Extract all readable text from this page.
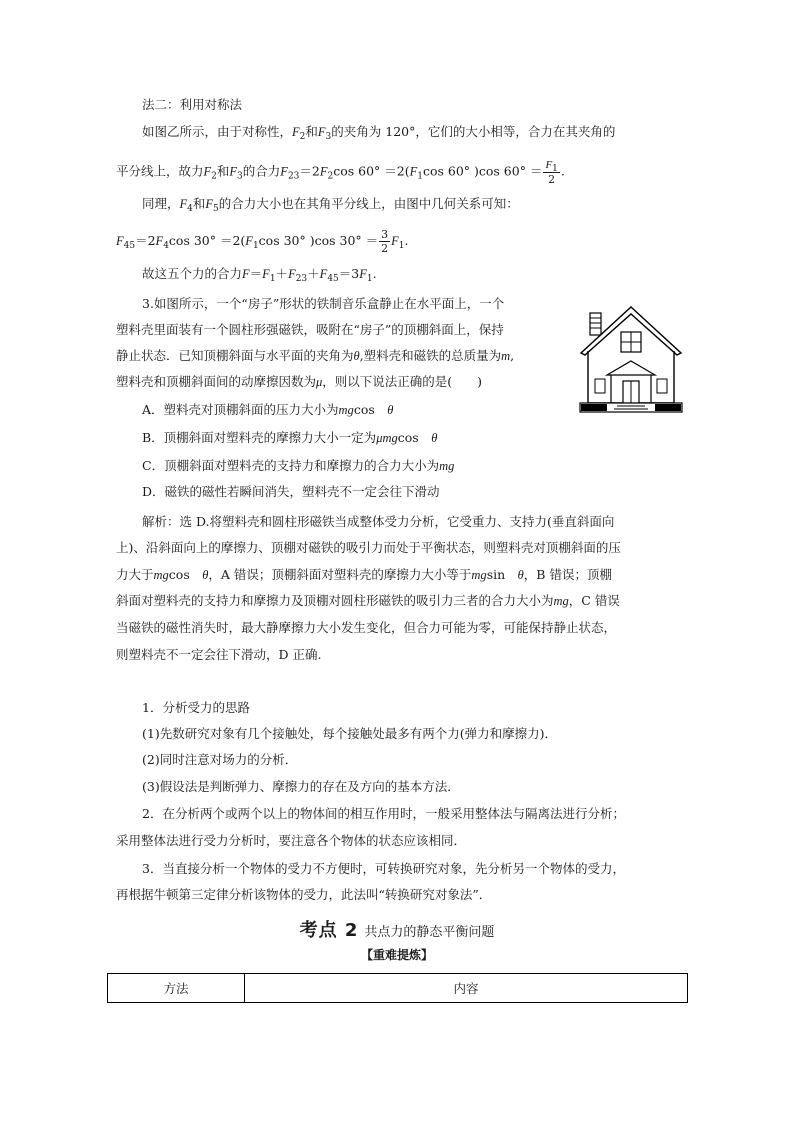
法二：利用对称法
如图乙所示，由于对称性，$F_2$和$F_3$的夹角为 120°，它们的大小相等，合力在其夹角的
平分线上，故力$F_2$和$F_3$的合力$F_{23}=2F_2\cos$ $60^\circ =2(F_1\cos$ 60° )cos $60^\circ = \frac{F_1}{2}$ .
同理，$F_4$和$F_5$的合力大小也在其角平分线上，由图中几何关系可知：
$F_{45}=2F_4\cos$ $30^\circ =2(F_1\cos$ 30° )cos $30^\circ = \frac{3}{2} F_1$.
故这五个力的合力$F=F_1+F_{23}+F_{45}=3F_1$.
3.如图所示，一个“房子”形状的铁制音乐盒静止在水平面上，一个
塑料壳里面装有一个圆柱形强磁铁，吸附在“房子”的顶棚斜面上，保持
静止状态．已知顶棚斜面与水平面的夹角为θ,塑料壳和磁铁的总质量为m,
塑料壳和顶棚斜面间的动摩擦因数为μ，则以下说法正确的是(　　)
A．塑料壳对顶棚斜面的压力大小为mgcos　θ
B．顶棚斜面对塑料壳的摩擦力大小一定为μmgcos　θ
C．顶棚斜面对塑料壳的支持力和摩擦力的合力大小为mg
D．磁铁的磁性若瞬间消失，塑料壳不一定会往下滑动
解析：选 D.将塑料壳和圆柱形磁铁当成整体受力分析，它受重力、支持力(垂直斜面向
上)、沿斜面向上的摩擦力、顶棚对磁铁的吸引力而处于平衡状态，则塑料壳对顶棚斜面的压
力大于mgcos　θ，A 错误；顶棚斜面对塑料壳的摩擦力大小等于mgsin　θ，B 错误；顶棚
斜面对塑料壳的支持力和摩擦力及顶棚对圆柱形磁铁的吸引力三者的合力大小为mg，C 错误
当磁铁的磁性消失时，最大静摩擦力大小发生变化，但合力可能为零，可能保持静止状态，
则塑料壳不一定会往下滑动，D 正确.
1．分析受力的思路
(1)先数研究对象有几个接触处，每个接触处最多有两个力(弹力和摩擦力)．
(2)同时注意对场力的分析．
(3)假设法是判断弹力、摩擦力的存在及方向的基本方法．
2．在分析两个或两个以上的物体间的相互作用时，一般采用整体法与隔离法进行分析；
采用整体法进行受力分析时，要注意各个物体的状态应该相同．
3．当直接分析一个物体的受力不方便时，可转换研究对象，先分析另一个物体的受力，
再根据牛顿第三定律分析该物体的受力，此法叫“转换研究对象法”．
考点 2 共点力的静态平衡问题
【重难提炼】
方法	内容
